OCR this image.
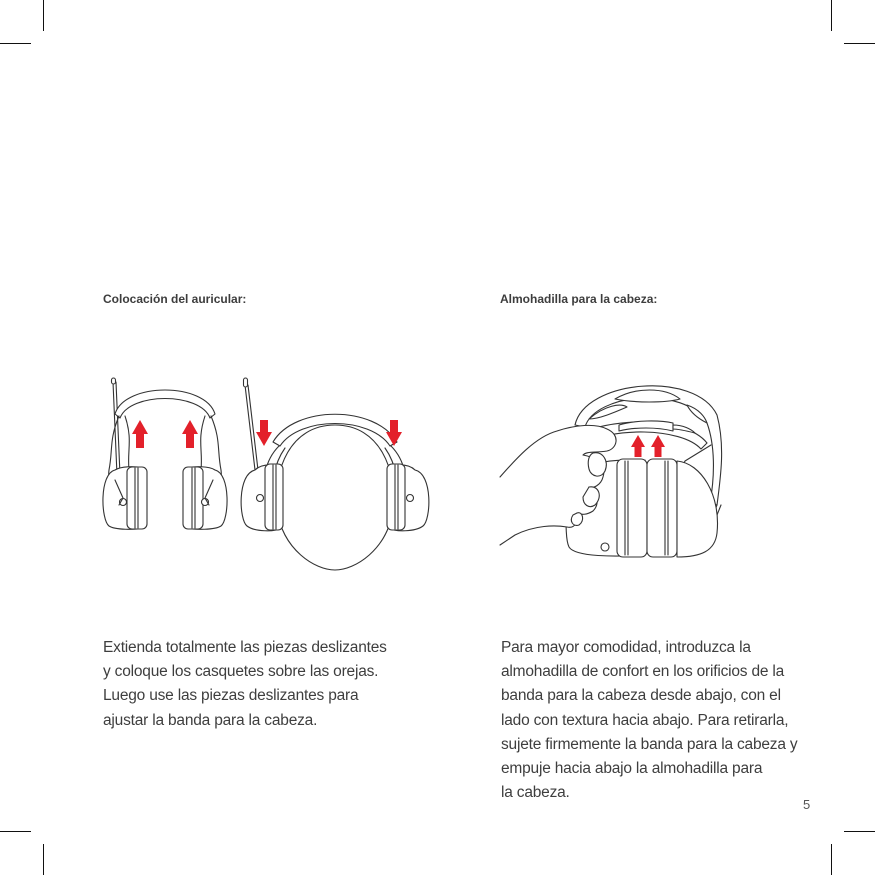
Colocación del auricular:	Almohadilla para la cabeza:
Extienda totalmente las piezas deslizantes
y coloque los casquetes sobre las orejas.
Luego use las piezas deslizantes para
ajustar la banda para la cabeza.
Para mayor comodidad, introduzca la
almohadilla de confort en los orificios de la
banda para la cabeza desde abajo, con el
lado con textura hacia abajo. Para retirarla,
sujete firmemente la banda para la cabeza y
empuje hacia abajo la almohadilla para
la cabeza.
5
